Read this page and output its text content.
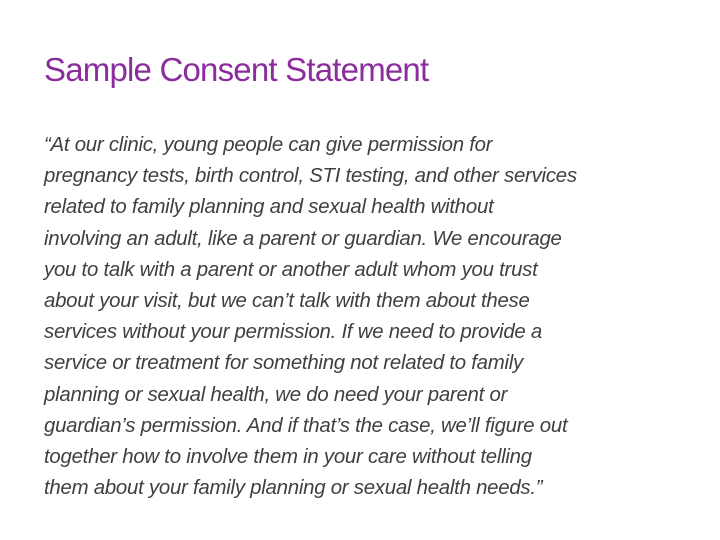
Sample Consent Statement
“At our clinic, young people can give permission for
pregnancy tests, birth control, STI testing, and other services
related to family planning and sexual health without
involving an adult, like a parent or guardian. We encourage
you to talk with a parent or another adult whom you trust
about your visit, but we can’t talk with them about these
services without your permission. If we need to provide a
service or treatment for something not related to family
planning or sexual health, we do need your parent or
guardian’s permission. And if that’s the case, we’ll figure out
together how to involve them in your care without telling
them about your family planning or sexual health needs.”
